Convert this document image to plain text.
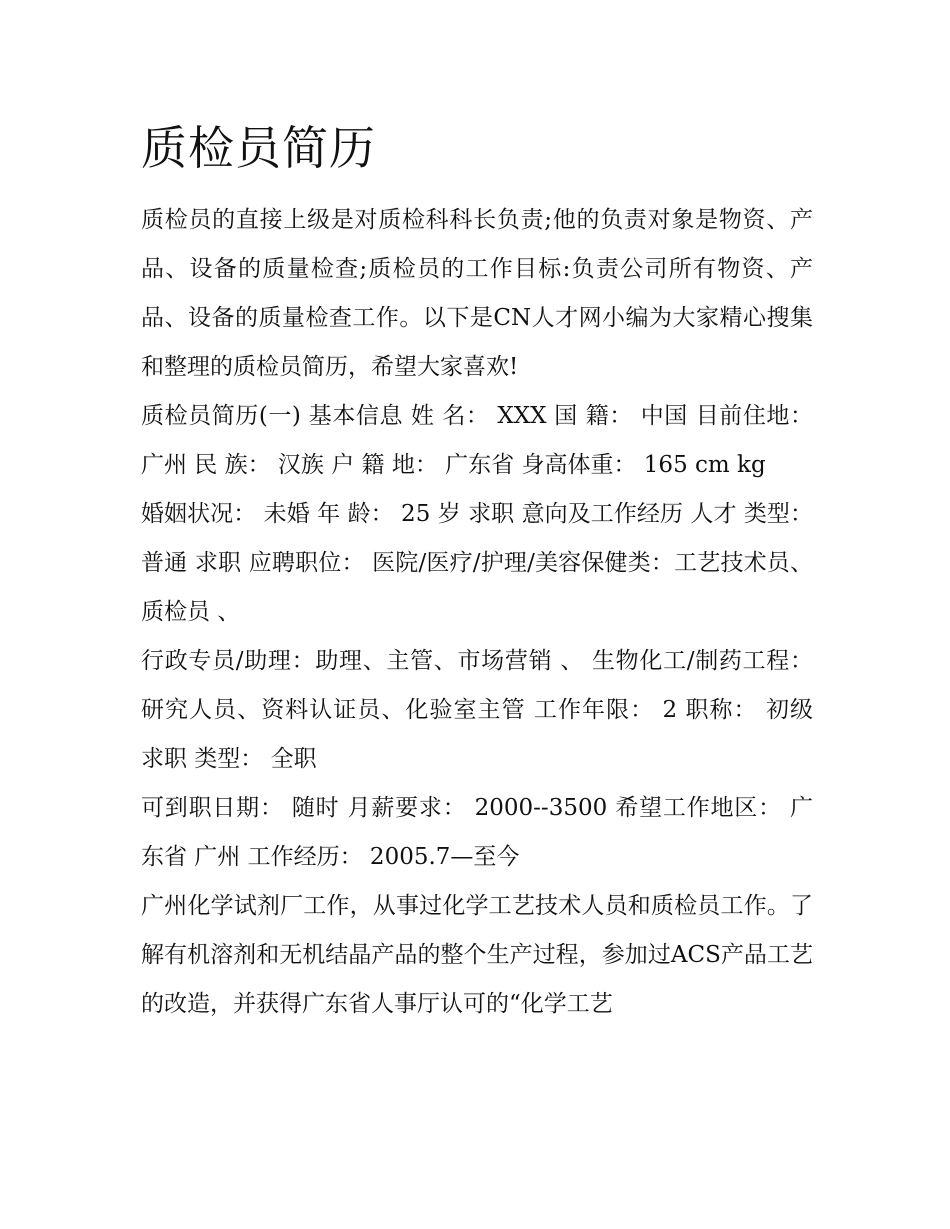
质检员简历

质检员的直接上级是对质检科科长负责;他的负责对象是物资、产品、设备的质量检查;质检员的工作目标:负责公司所有物资、产品、设备的质量检查工作。以下是CN人才网小编为大家精心搜集和整理的质检员简历，希望大家喜欢!

质检员简历(一) 基本信息 姓 名： XXX 国 籍： 中国 目前住地： 广州 民 族： 汉族 户 籍 地： 广东省 身高体重： 165 cm kg

婚姻状况： 未婚 年 龄： 25 岁 求职 意向及工作经历 人才 类型： 普通 求职 应聘职位： 医院/医疗/护理/美容保健类：工艺技术员、质检员 、

行政专员/助理：助理、主管、市场营销 、 生物化工/制药工程：研究人员、资料认证员、化验室主管 工作年限： 2 职称： 初级 求职 类型： 全职

可到职日期： 随时 月薪要求： 2000--3500 希望工作地区： 广东省 广州 工作经历： 2005.7—至今

广州化学试剂厂工作，从事过化学工艺技术人员和质检员工作。了解有机溶剂和无机结晶产品的整个生产过程，参加过ACS产品工艺的改造，并获得广东省人事厅认可的“化学工艺
